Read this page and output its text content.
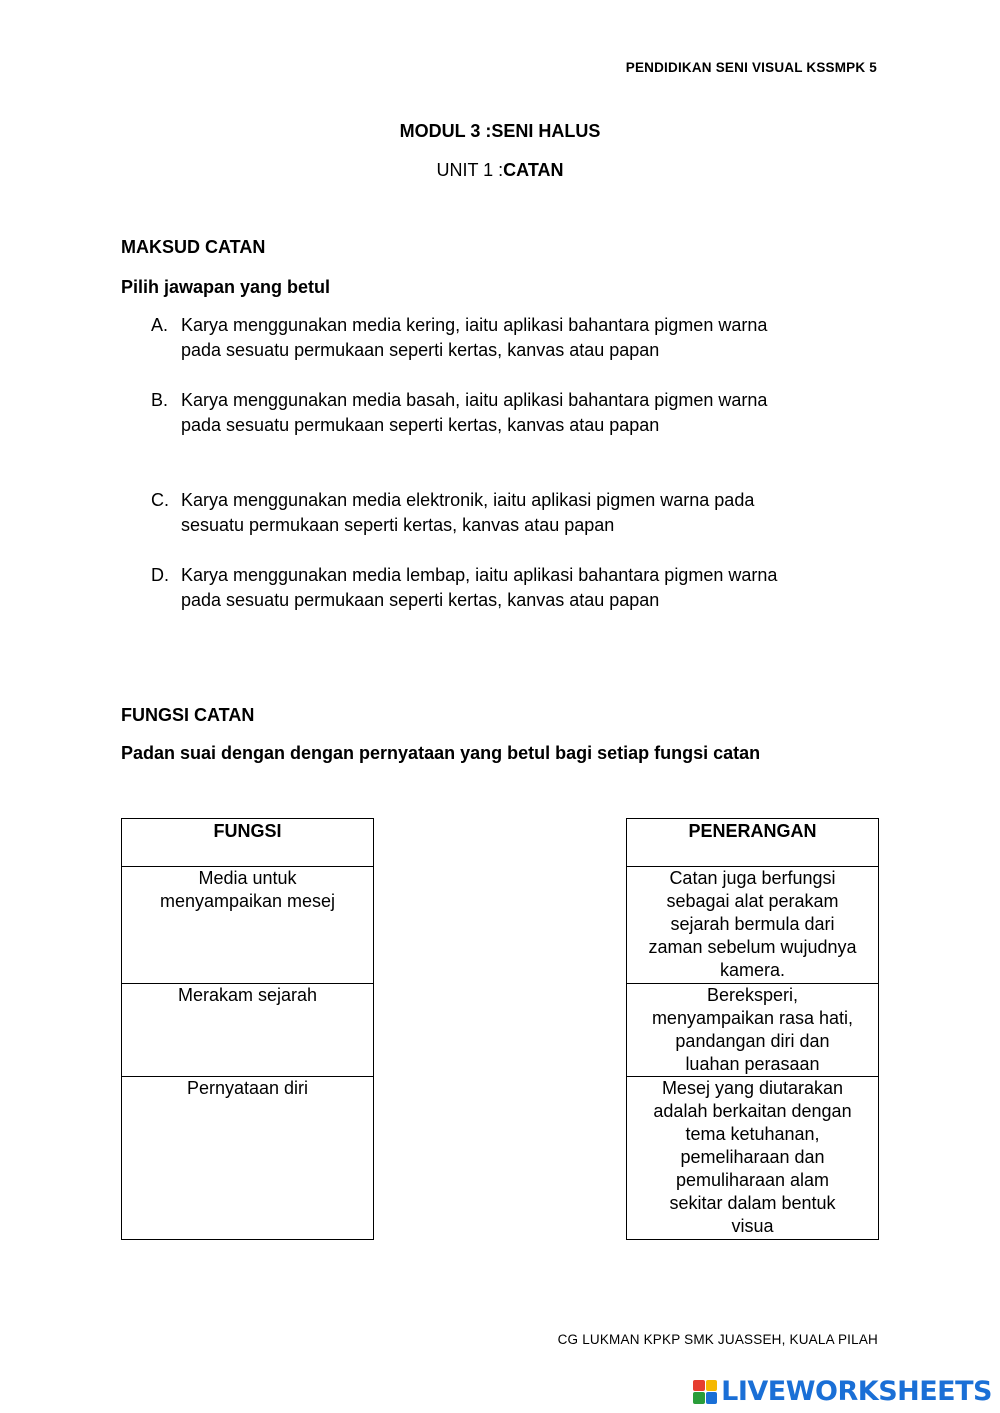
PENDIDIKAN SENI VISUAL KSSMPK 5
MODUL 3 :SENI HALUS
UNIT 1 :CATAN
MAKSUD CATAN
Pilih jawapan yang betul
A. Karya menggunakan media kering, iaitu aplikasi bahantara pigmen warna
pada sesuatu permukaan seperti kertas, kanvas atau papan
B. Karya menggunakan media basah, iaitu aplikasi bahantara pigmen warna
pada sesuatu permukaan seperti kertas, kanvas atau papan
C. Karya menggunakan media elektronik, iaitu aplikasi pigmen warna pada
sesuatu permukaan seperti kertas, kanvas atau papan
D. Karya menggunakan media lembap, iaitu aplikasi bahantara pigmen warna
pada sesuatu permukaan seperti kertas, kanvas atau papan
FUNGSI CATAN
Padan suai dengan dengan pernyataan yang betul bagi setiap fungsi catan
FUNGSI

Media untuk
menyampaikan mesej

Merakam sejarah

Pernyataan diri
PENERANGAN

Catan juga berfungsi
sebagai alat perakam
sejarah bermula dari
zaman sebelum wujudnya
kamera.

Bereksperi,
menyampaikan rasa hati,
pandangan diri dan
luahan perasaan

Mesej yang diutarakan
adalah berkaitan dengan
tema ketuhanan,
pemeliharaan dan
pemuliharaan alam
sekitar dalam bentuk
visua
CG LUKMAN KPKP SMK JUASSEH, KUALA PILAH
LIVEWORKSHEETS
